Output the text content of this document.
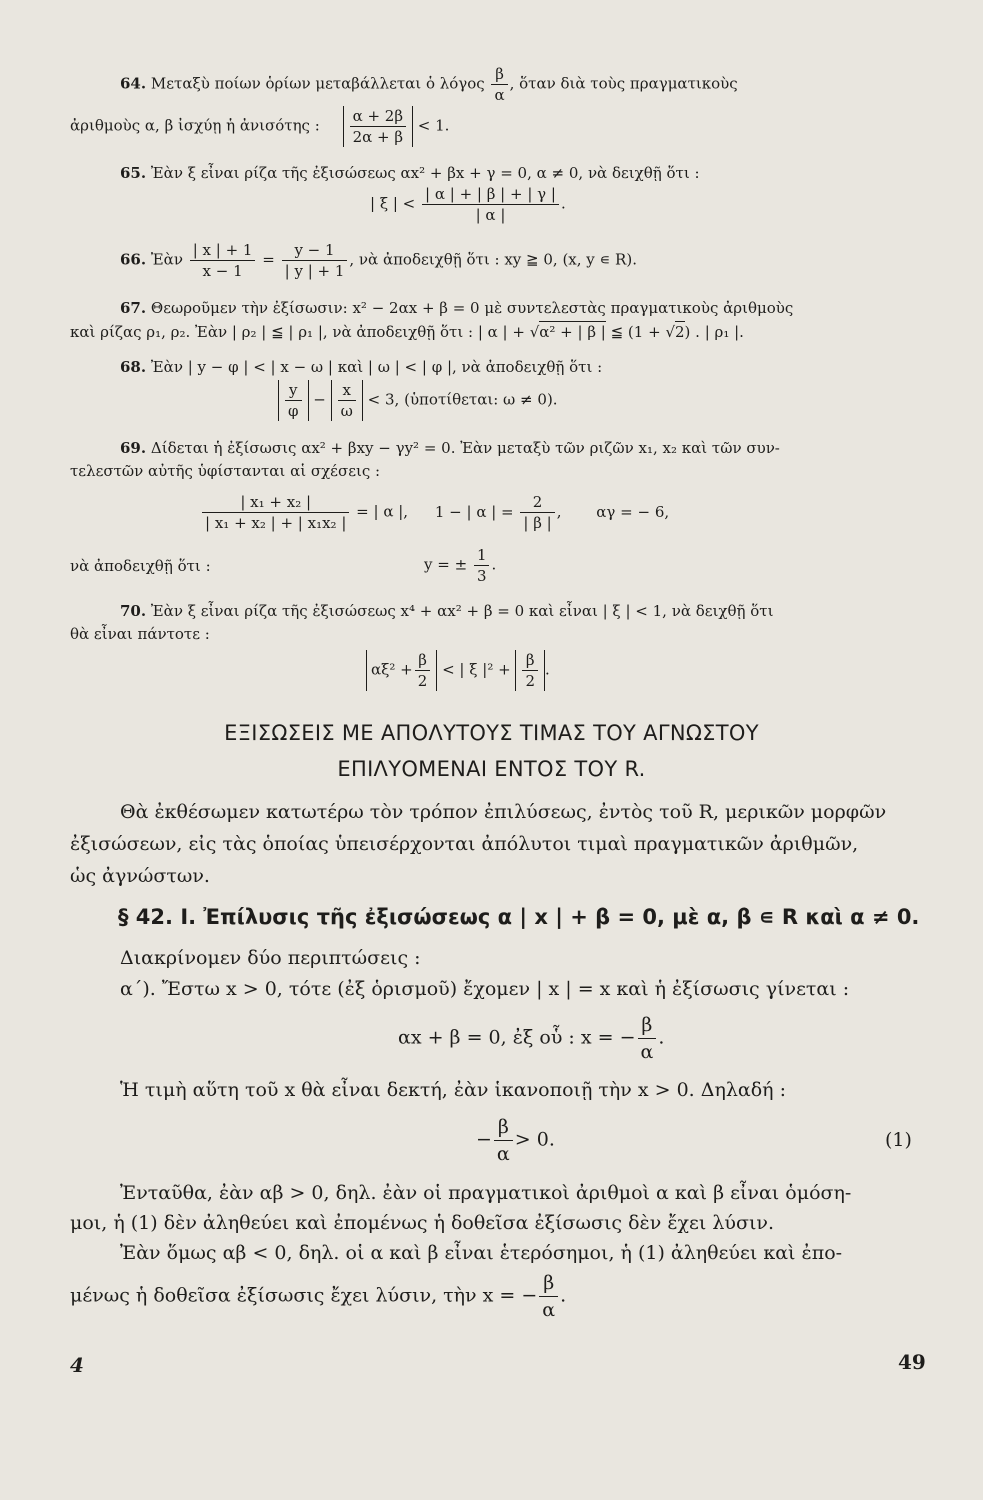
64. Μεταξὺ ποίων ὁρίων μεταβάλλεται ὁ λόγος $\frac{\beta}{\alpha}$ , ὅταν διὰ τοὺς πραγματικοὺς
ἀριθμοὺς α, β ἰσχύῃ ἡ ἀνισότης : $\frac{\alpha + 2\beta}{2\alpha + \beta} < 1$.
65. Ἐὰν ξ εἶναι ρίζα τῆς ἐξισώσεως αx² + βx + γ = 0, α ≠ 0, νὰ δειχθῇ ὅτι :
| ξ | < $\frac{| \alpha | + | \beta | + | \gamma |}{| \alpha |}$ .
66. Ἐὰν $\frac{| x | + 1}{x - 1} = \frac{y - 1}{| y | + 1}$ , νὰ ἀποδειχθῇ ὅτι : xy ≧ 0, (x, y ∊ R).
67. Θεωροῦμεν τὴν ἐξίσωσιν: x² − 2αx + β = 0 μὲ συντελεστὰς πραγματικοὺς ἀριθμοὺς
καὶ ρίζας ρ₁, ρ₂. Ἐὰν | ρ₂ | ≦ | ρ₁ |, νὰ ἀποδειχθῇ ὅτι : | α | + √α² + | β | ≦ (1 + √2) . | ρ₁ |.
68. Ἐὰν | y − φ | < | x − ω | καὶ | ω | < | φ |, νὰ ἀποδειχθῇ ὅτι :
$\frac{y}{\varphi} - \frac{x}{\omega} < 3$, (ὑποτίθεται: ω ≠ 0).
69. Δίδεται ἡ ἐξίσωσις αx² + βxy − γy² = 0. Ἐὰν μεταξὺ τῶν ριζῶν x₁, x₂ καὶ τῶν συν-
τελεστῶν αὐτῆς ὑφίστανται αἱ σχέσεις :
$\frac{\text{| x₁ + x₂ |}}{\text{| x₁ + x₂ | + | x₁x₂ |}}$ = | α |, 1 − | α | = $\frac{2}{| \beta |}$ , αγ = − 6,
νὰ ἀποδειχθῇ ὅτι :	y = ± $\frac{1}{3}$ .
70. Ἐὰν ξ εἶναι ρίζα τῆς ἐξισώσεως x⁴ + αx² + β = 0 καὶ εἶναι | ξ | < 1, νὰ δειχθῇ ὅτι
θὰ εἶναι πάντοτε :
$\alpha\xi^2 + \frac{\beta}{2}$ < | ξ $|^2 + \frac{\beta}{2}$ .
ΕΞΙΣΩΣΕΙΣ ΜΕ ΑΠΟΛΥΤΟΥΣ ΤΙΜΑΣ ΤΟΥ ΑΓΝΩΣΤΟΥ
ΕΠΙΛΥΟΜΕΝΑΙ ΕΝΤΟΣ ΤΟΥ R.
Θὰ ἐκθέσωμεν κατωτέρω τὸν τρόπον ἐπιλύσεως, ἐντὸς τοῦ R, μερικῶν μορφῶν
ἐξισώσεων, εἰς τὰς ὁποίας ὑπεισέρχονται ἀπόλυτοι τιμαὶ πραγματικῶν ἀριθμῶν,
ὡς ἀγνώστων.
§ 42. I. Ἐπίλυσις τῆς ἐξισώσεως α | x | + β = 0, μὲ α, β ∊ R καὶ α ≠ 0.
Διακρίνομεν δύο περιπτώσεις :
α΄). Ἔστω x > 0, τότε (ἐξ ὁρισμοῦ) ἔχομεν | x | = x καὶ ἡ ἐξίσωσις γίνεται :
αx + β = 0, ἐξ οὗ : x = − $\frac{\beta}{\alpha}$ .
Ἡ τιμὴ αὕτη τοῦ x θὰ εἶναι δεκτή, ἐὰν ἱκανοποιῇ τὴν x > 0. Δηλαδή :
− $\frac{\beta}{\alpha} > 0$.	(1)
Ἐνταῦθα, ἐὰν αβ > 0, δηλ. ἐὰν οἱ πραγματικοὶ ἀριθμοὶ α καὶ β εἶναι ὁμόση-
μοι, ἡ (1) δὲν ἀληθεύει καὶ ἐπομένως ἡ δοθεῖσα ἐξίσωσις δὲν ἔχει λύσιν.
Ἐὰν ὅμως αβ < 0, δηλ. οἱ α καὶ β εἶναι ἑτερόσημοι, ἡ (1) ἀληθεύει καὶ ἐπο-
μένως ἡ δοθεῖσα ἐξίσωσις ἔχει λύσιν, τὴν x = − $\frac{\beta}{\alpha}$ .
4	49
